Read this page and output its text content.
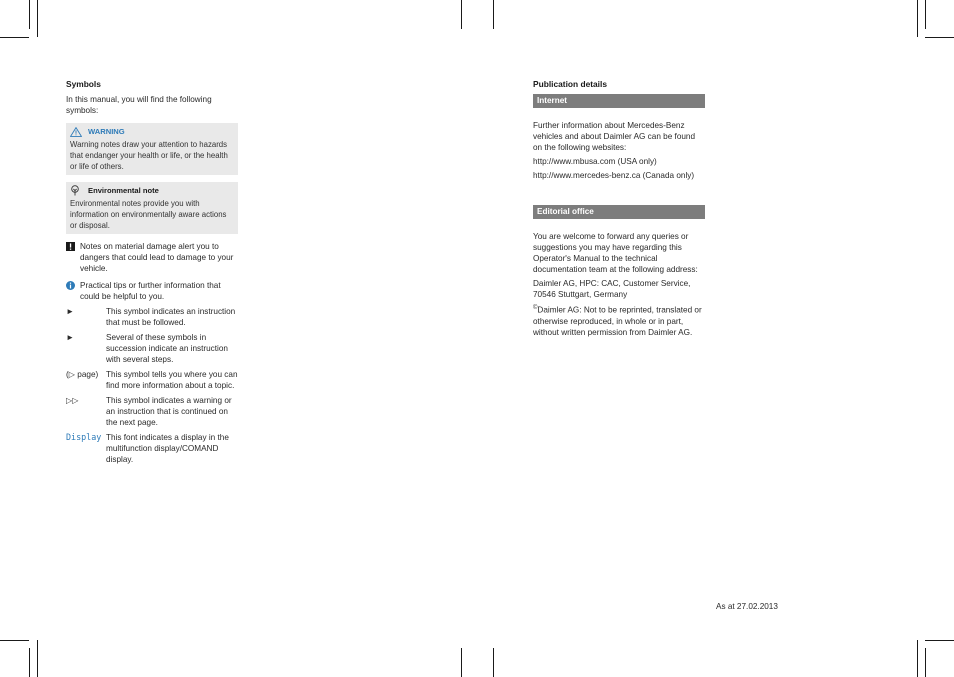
Symbols

In this manual, you will find the following symbols:

WARNING
Warning notes draw your attention to hazards that endanger your health or life, or the health or life of others.
Environmental note
Environmental notes provide you with information on environmentally aware actions or disposal.
Notes on material damage alert you to dangers that could lead to damage to your vehicle.
Practical tips or further information that could be helpful to you.
►	This symbol indicates an instruction that must be followed.
►	Several of these symbols in succession indicate an instruction with several steps.
(▷ page) This symbol tells you where you can find more information about a topic.
▷▷	This symbol indicates a warning or an instruction that is continued on the next page.
Display This font indicates a display in the multifunction display/COMAND display.
Publication details
Internet

Further information about Mercedes-Benz vehicles and about Daimler AG can be found on the following websites:

http://www.mbusa.com (USA only)

http://www.mercedes-benz.ca (Canada only)

Editorial office

You are welcome to forward any queries or suggestions you may have regarding this Operator's Manual to the technical documentation team at the following address:

Daimler AG, HPC: CAC, Customer Service, 70546 Stuttgart, Germany

©Daimler AG: Not to be reprinted, translated or otherwise reproduced, in whole or in part, without written permission from Daimler AG.

As at 27.02.2013
